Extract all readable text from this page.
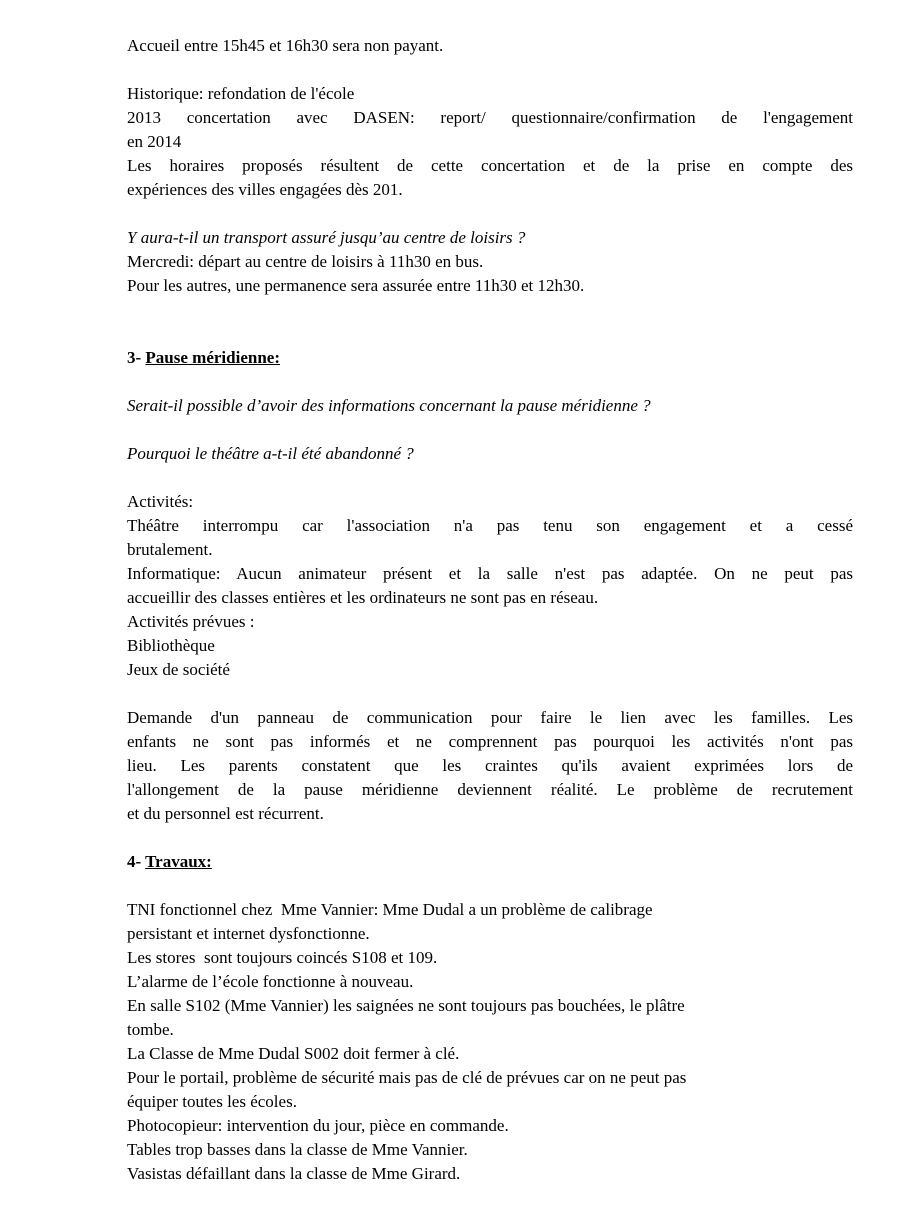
Accueil entre 15h45 et 16h30 sera non payant.

Historique: refondation de l'école
2013 concertation avec DASEN: report/ questionnaire/confirmation de l'engagement
en 2014
Les horaires proposés résultent de cette concertation et de la prise en compte des
expériences des villes engagées dès 201.

Y aura-t-il un transport assuré jusqu’au centre de loisirs ?
Mercredi: départ au centre de loisirs à 11h30 en bus.
Pour les autres, une permanence sera assurée entre 11h30 et 12h30.

3- Pause méridienne:

Serait-il possible d’avoir des informations concernant la pause méridienne ?

Pourquoi le théâtre a-t-il été abandonné ?

Activités:
Théâtre interrompu car l'association n'a pas tenu son engagement et a cessé
brutalement.
Informatique: Aucun animateur présent et la salle n'est pas adaptée. On ne peut pas
accueillir des classes entières et les ordinateurs ne sont pas en réseau.
Activités prévues :
Bibliothèque
Jeux de société

Demande d'un panneau de communication pour faire le lien avec les familles. Les
enfants ne sont pas informés et ne comprennent pas pourquoi les activités n'ont pas
lieu. Les parents constatent que les craintes qu'ils avaient exprimées lors de
l'allongement de la pause méridienne deviennent réalité. Le problème de recrutement
et du personnel est récurrent.

4- Travaux:

TNI fonctionnel chez  Mme Vannier: Mme Dudal a un problème de calibrage
persistant et internet dysfonctionne.
Les stores  sont toujours coincés S108 et 109.
L’alarme de l’école fonctionne à nouveau.
En salle S102 (Mme Vannier) les saignées ne sont toujours pas bouchées, le plâtre
tombe.
La Classe de Mme Dudal S002 doit fermer à clé.
Pour le portail, problème de sécurité mais pas de clé de prévues car on ne peut pas
équiper toutes les écoles.
Photocopieur: intervention du jour, pièce en commande.
Tables trop basses dans la classe de Mme Vannier.
Vasistas défaillant dans la classe de Mme Girard.
